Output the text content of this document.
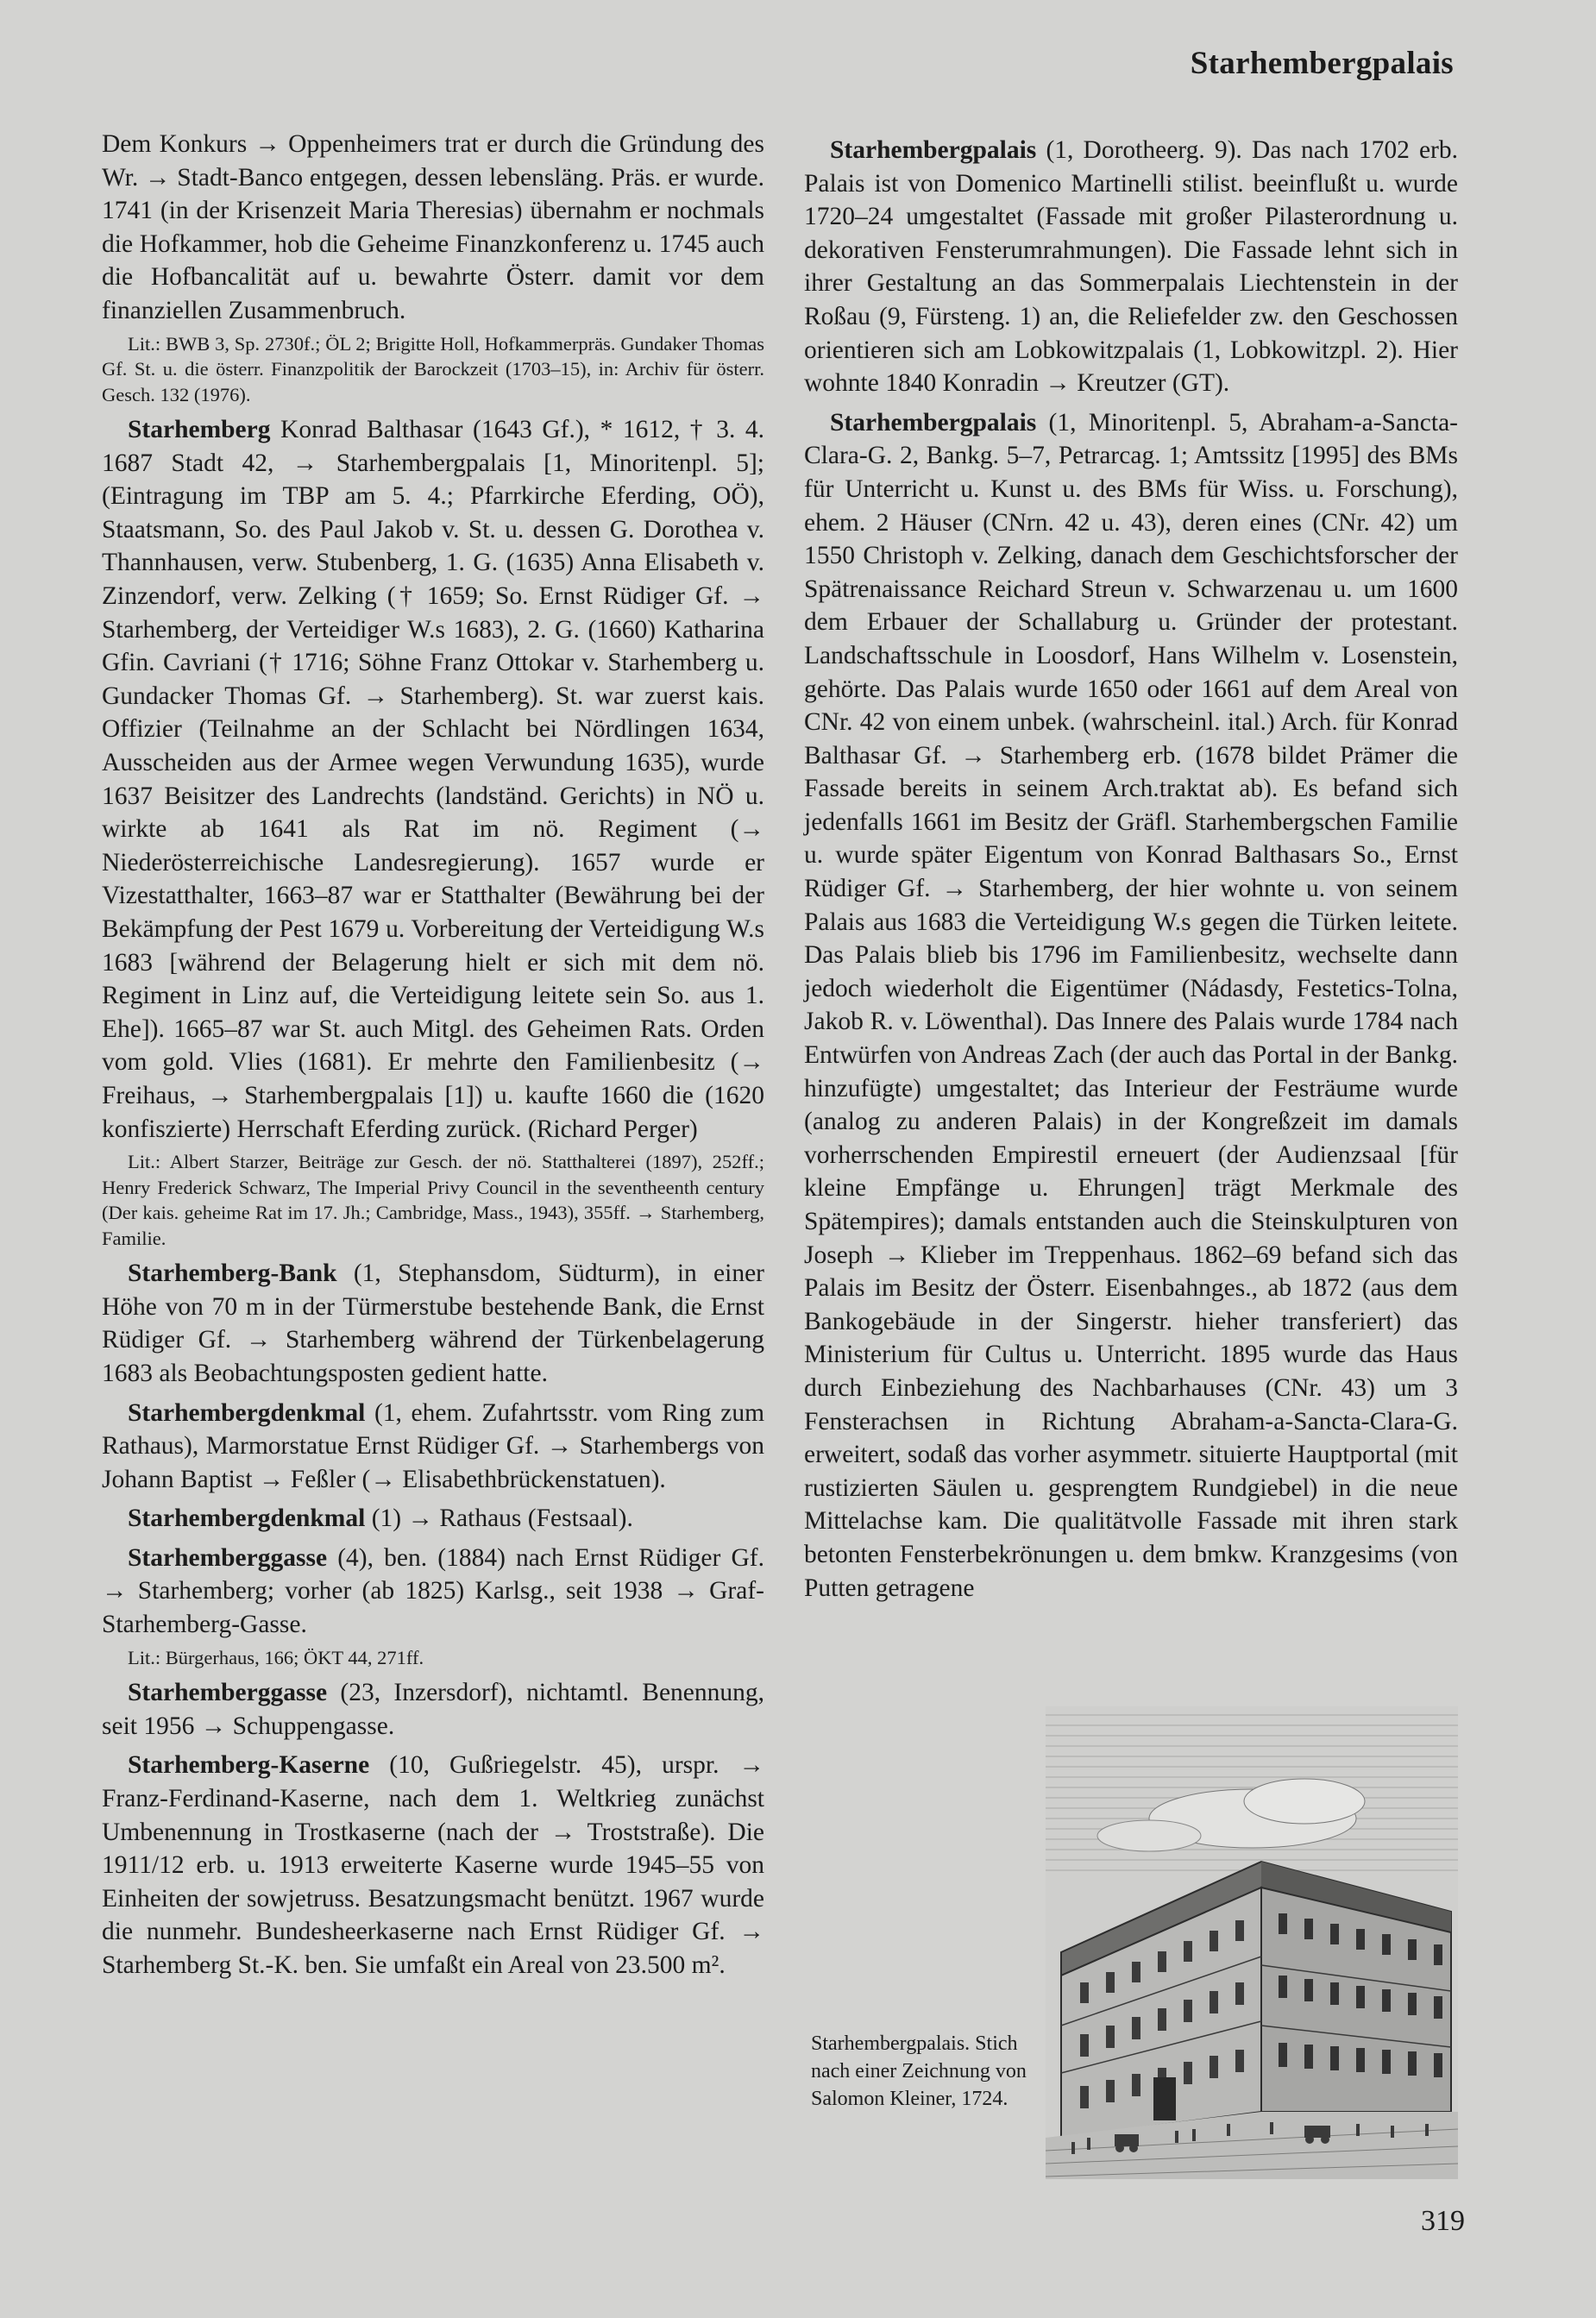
Starhembergpalais

Dem Konkurs → Oppenheimers trat er durch die Gründung des Wr. → Stadt-Banco entgegen, dessen lebensläng. Präs. er wurde. 1741 (in der Krisenzeit Maria Theresias) übernahm er nochmals die Hofkammer, hob die Geheime Finanzkonferenz u. 1745 auch die Hofbancalität auf u. bewahrte Österr. damit vor dem finanziellen Zusammenbruch.

Lit.: BWB 3, Sp. 2730f.; ÖL 2; Brigitte Holl, Hofkammerpräs. Gundaker Thomas Gf. St. u. die österr. Finanzpolitik der Barockzeit (1703–15), in: Archiv für österr. Gesch. 132 (1976).

Starhemberg Konrad Balthasar (1643 Gf.), * 1612, † 3. 4. 1687 Stadt 42, → Starhembergpalais [1, Minoritenpl. 5]; (Eintragung im TBP am 5. 4.; Pfarrkirche Eferding, OÖ), Staatsmann, So. des Paul Jakob v. St. u. dessen G. Dorothea v. Thannhausen, verw. Stubenberg, 1. G. (1635) Anna Elisabeth v. Zinzendorf, verw. Zelking († 1659; So. Ernst Rüdiger Gf. → Starhemberg, der Verteidiger W.s 1683), 2. G. (1660) Katharina Gfin. Cavriani († 1716; Söhne Franz Ottokar v. Starhemberg u. Gundacker Thomas Gf. → Starhemberg). St. war zuerst kais. Offizier (Teilnahme an der Schlacht bei Nördlingen 1634, Ausscheiden aus der Armee wegen Verwundung 1635), wurde 1637 Beisitzer des Landrechts (landständ. Gerichts) in NÖ u. wirkte ab 1641 als Rat im nö. Regiment (→ Niederösterreichische Landesregierung). 1657 wurde er Vizestatthalter, 1663–87 war er Statthalter (Bewährung bei der Bekämpfung der Pest 1679 u. Vorbereitung der Verteidigung W.s 1683 [während der Belagerung hielt er sich mit dem nö. Regiment in Linz auf, die Verteidigung leitete sein So. aus 1. Ehe]). 1665–87 war St. auch Mitgl. des Geheimen Rats. Orden vom gold. Vlies (1681). Er mehrte den Familienbesitz (→ Freihaus, → Starhembergpalais [1]) u. kaufte 1660 die (1620 konfiszierte) Herrschaft Eferding zurück. (Richard Perger)

Lit.: Albert Starzer, Beiträge zur Gesch. der nö. Statthalterei (1897), 252ff.; Henry Frederick Schwarz, The Imperial Privy Council in the seventheenth century (Der kais. geheime Rat im 17. Jh.; Cambridge, Mass., 1943), 355ff. → Starhemberg, Familie.

Starhemberg-Bank (1, Stephansdom, Südturm), in einer Höhe von 70 m in der Türmerstube bestehende Bank, die Ernst Rüdiger Gf. → Starhemberg während der Türkenbelagerung 1683 als Beobachtungsposten gedient hatte.

Starhembergdenkmal (1, ehem. Zufahrtsstr. vom Ring zum Rathaus), Marmorstatue Ernst Rüdiger Gf. → Starhembergs von Johann Baptist → Feßler (→ Elisabethbrückenstatuen).

Starhembergdenkmal (1) → Rathaus (Festsaal).

Starhemberggasse (4), ben. (1884) nach Ernst Rüdiger Gf. → Starhemberg; vorher (ab 1825) Karlsg., seit 1938 → Graf-Starhemberg-Gasse.

Lit.: Bürgerhaus, 166; ÖKT 44, 271ff.

Starhemberggasse (23, Inzersdorf), nichtamtl. Benennung, seit 1956 → Schuppengasse.

Starhemberg-Kaserne (10, Gußriegelstr. 45), urspr. → Franz-Ferdinand-Kaserne, nach dem 1. Weltkrieg zunächst Umbenennung in Trostkaserne (nach der → Troststraße). Die 1911/12 erb. u. 1913 erweiterte Kaserne wurde 1945–55 von Einheiten der sowjetruss. Besatzungsmacht benützt. 1967 wurde die nunmehr. Bundesheerkaserne nach Ernst Rüdiger Gf. → Starhemberg St.-K. ben. Sie umfaßt ein Areal von 23.500 m².

Starhembergpalais (1, Dorotheerg. 9). Das nach 1702 erb. Palais ist von Domenico Martinelli stilist. beeinflußt u. wurde 1720–24 umgestaltet (Fassade mit großer Pilasterordnung u. dekorativen Fensterumrahmungen). Die Fassade lehnt sich in ihrer Gestaltung an das Sommerpalais Liechtenstein in der Roßau (9, Fürsteng. 1) an, die Reliefelder zw. den Geschossen orientieren sich am Lobkowitzpalais (1, Lobkowitzpl. 2). Hier wohnte 1840 Konradin → Kreutzer (GT).

Starhembergpalais (1, Minoritenpl. 5, Abraham-a-Sancta-Clara-G. 2, Bankg. 5–7, Petrarcag. 1; Amtssitz [1995] des BMs für Unterricht u. Kunst u. des BMs für Wiss. u. Forschung), ehem. 2 Häuser (CNrn. 42 u. 43), deren eines (CNr. 42) um 1550 Christoph v. Zelking, danach dem Geschichtsforscher der Spätrenaissance Reichard Streun v. Schwarzenau u. um 1600 dem Erbauer der Schallaburg u. Gründer der protestant. Landschaftsschule in Loosdorf, Hans Wilhelm v. Losenstein, gehörte. Das Palais wurde 1650 oder 1661 auf dem Areal von CNr. 42 von einem unbek. (wahrscheinl. ital.) Arch. für Konrad Balthasar Gf. → Starhemberg erb. (1678 bildet Prämer die Fassade bereits in seinem Arch.traktat ab). Es befand sich jedenfalls 1661 im Besitz der Gräfl. Starhembergschen Familie u. wurde später Eigentum von Konrad Balthasars So., Ernst Rüdiger Gf. → Starhemberg, der hier wohnte u. von seinem Palais aus 1683 die Verteidigung W.s gegen die Türken leitete. Das Palais blieb bis 1796 im Familienbesitz, wechselte dann jedoch wiederholt die Eigentümer (Nádasdy, Festetics-Tolna, Jakob R. v. Löwenthal). Das Innere des Palais wurde 1784 nach Entwürfen von Andreas Zach (der auch das Portal in der Bankg. hinzufügte) umgestaltet; das Interieur der Festräume wurde (analog zu anderen Palais) in der Kongreßzeit im damals vorherrschenden Empirestil erneuert (der Audienzsaal [für kleine Empfänge u. Ehrungen] trägt Merkmale des Spätempires); damals entstanden auch die Steinskulpturen von Joseph → Klieber im Treppenhaus. 1862–69 befand sich das Palais im Besitz der Österr. Eisenbahnges., ab 1872 (aus dem Bankogebäude in der Singerstr. hieher transferiert) das Ministerium für Cultus u. Unterricht. 1895 wurde das Haus durch Einbeziehung des Nachbarhauses (CNr. 43) um 3 Fensterachsen in Richtung Abraham-a-Sancta-Clara-G. erweitert, sodaß das vorher asymmetr. situierte Hauptportal (mit rustizierten Säulen u. gesprengtem Rundgiebel) in die neue Mittelachse kam. Die qualitätvolle Fassade mit ihren stark betonten Fensterbekrönungen u. dem bmkw. Kranzgesims (von Putten getragene

Starhembergpalais. Stich nach einer Zeichnung von Salomon Kleiner, 1724.
319
